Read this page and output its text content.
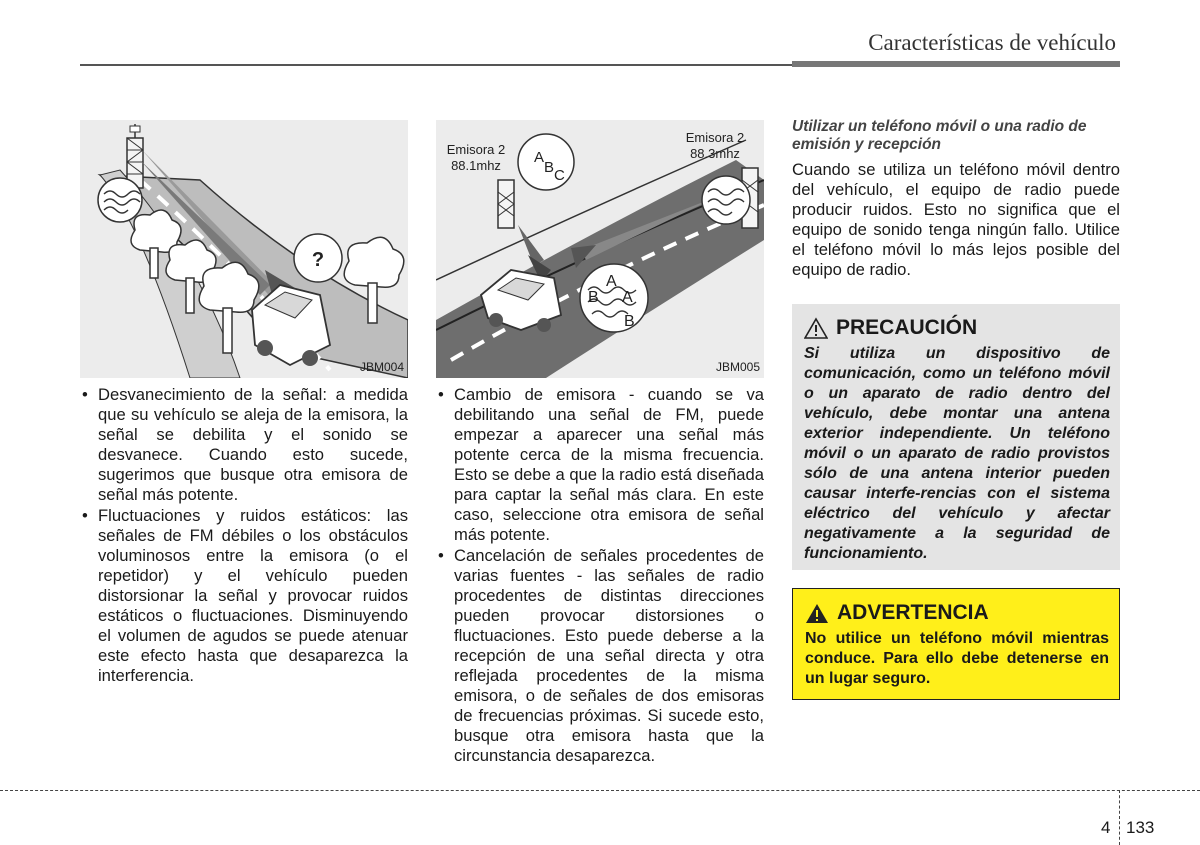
Características de vehículo
?
JBM004
A
B C
A
B A
B
Emisora 2
88.1mhz
Emisora 2
88.3mhz
JBM005
• Desvanecimiento de la señal: a medida que su vehículo se aleja de la emisora, la señal se debilita y el sonido se desvanece. Cuando esto sucede, sugerimos que busque otra emisora de señal más potente.
• Fluctuaciones y ruidos estáticos: las señales de FM débiles o los obstáculos voluminosos entre la emisora (o el repetidor) y el vehículo pueden distorsionar la señal y provocar ruidos estáticos o fluctuaciones. Disminuyendo el volumen de agudos se puede atenuar este efecto hasta que desaparezca la interferencia.
• Cambio de emisora - cuando se va debilitando una señal de FM, puede empezar a aparecer una señal más potente cerca de la misma frecuencia. Esto se debe a que la radio está diseñada para captar la señal más clara. En este caso, seleccione otra emisora de señal más potente.
• Cancelación de señales procedentes de varias fuentes - las señales de radio procedentes de distintas direcciones pueden provocar distorsiones o fluctuaciones. Esto puede deberse a la recepción de una señal directa y otra reflejada procedentes de la misma emisora, o de señales de dos emisoras de frecuencias próximas. Si sucede esto, busque otra emisora hasta que la circunstancia desaparezca.
Utilizar un teléfono móvil o una radio de emisión y recepción

Cuando se utiliza un teléfono móvil dentro del vehículo, el equipo de radio puede producir ruidos. Esto no significa que el equipo de sonido tenga ningún fallo. Utilice el teléfono móvil lo más lejos posible del equipo de radio.

PRECAUCIÓN

Si utiliza un dispositivo de comunicación, como un teléfono móvil o un aparato de radio dentro del vehículo, debe montar una antena exterior independiente. Un teléfono móvil o un aparato de radio provistos sólo de una antena interior pueden causar interfe-rencias con el sistema eléctrico del vehículo y afectar negativamente a la seguridad de funcionamiento.

ADVERTENCIA

No utilice un teléfono móvil mientras conduce. Para ello debe detenerse en un lugar seguro.

4 133
